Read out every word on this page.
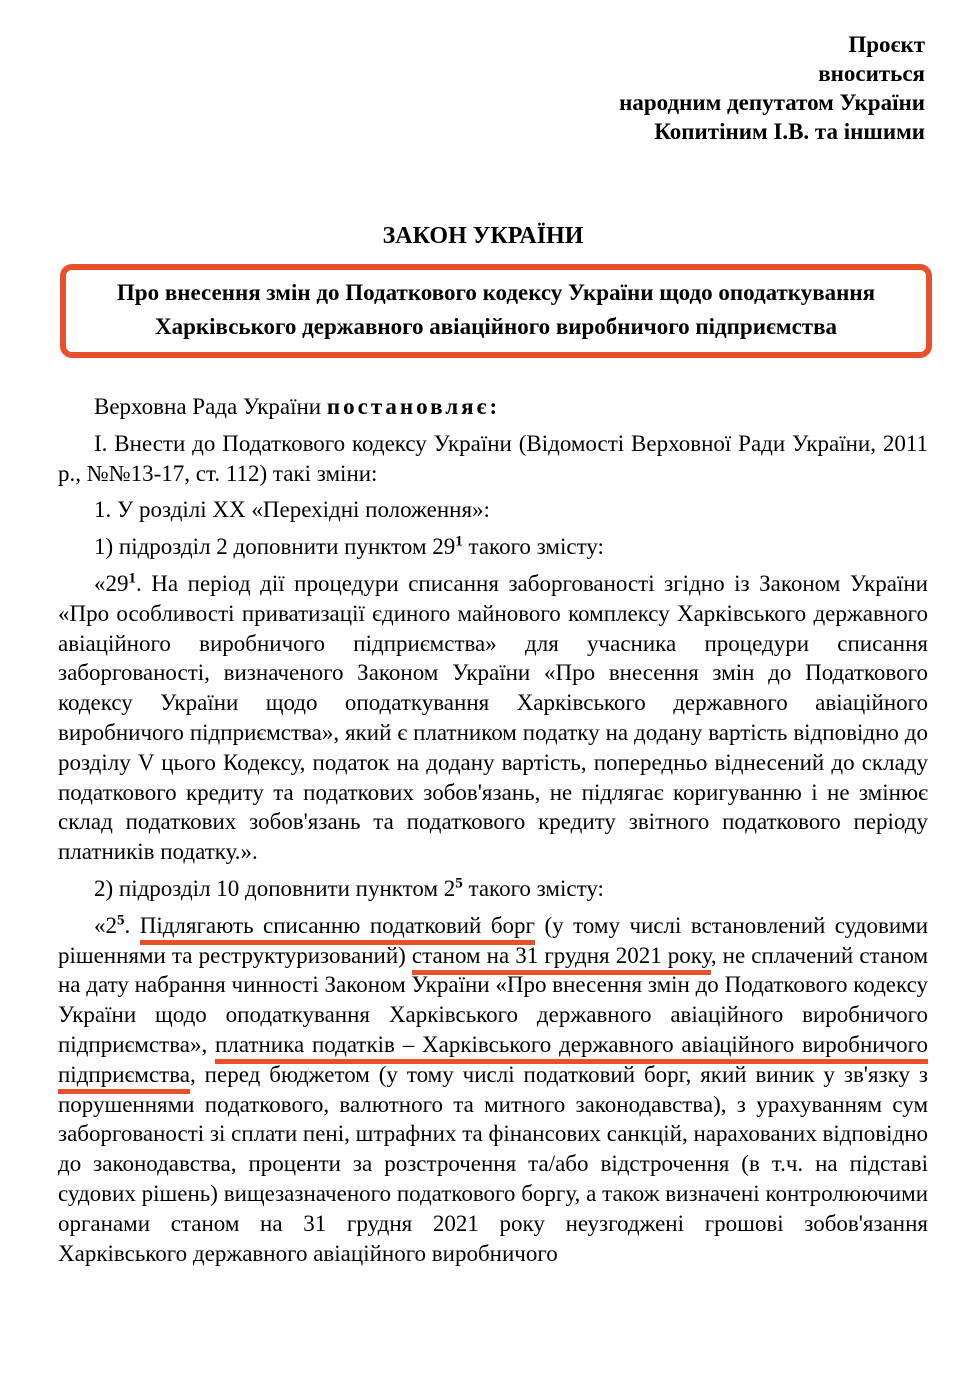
Проєкт
вноситься
народним депутатом України
Копитіним І.В. та іншими
ЗАКОН УКРАЇНИ
Про внесення змін до Податкового кодексу України щодо оподаткування Харківського державного авіаційного виробничого підприємства

Верховна Рада України постановляє:

I. Внести до Податкового кодексу України (Відомості Верховної Ради України, 2011 р., №№13-17, ст. 112) такі зміни:

1. У розділі XX «Перехідні положення»:

1) підрозділ 2 доповнити пунктом $29^1$ такого змісту:

«$29^1$. На період дії процедури списання заборгованості згідно із Законом України «Про особливості приватизації єдиного майнового комплексу Харківського державного авіаційного виробничого підприємства» для учасника процедури списання заборгованості, визначеного Законом України «Про внесення змін до Податкового кодексу України щодо оподаткування Харківського державного авіаційного виробничого підприємства», який є платником податку на додану вартість відповідно до розділу V цього Кодексу, податок на додану вартість, попередньо віднесений до складу податкового кредиту та податкових зобов'язань, не підлягає коригуванню і не змінює склад податкових зобов'язань та податкового кредиту звітного податкового періоду платників податку.».

2) підрозділ 10 доповнити пунктом $2^5$ такого змісту:

«$2^5$. Підлягають списанню податковий борг (у тому числі встановлений судовими рішеннями та реструктуризований) станом на 31 грудня 2021 року, не сплачений станом на дату набрання чинності Законом України «Про внесення змін до Податкового кодексу України щодо оподаткування Харківського державного авіаційного виробничого підприємства», платника податків – Харківського державного авіаційного виробничого підприємства, перед бюджетом (у тому числі податковий борг, який виник у зв'язку з порушеннями податкового, валютного та митного законодавства), з урахуванням сум заборгованості зі сплати пені, штрафних та фінансових санкцій, нарахованих відповідно до законодавства, проценти за розстрочення та/або відстрочення (в т.ч. на підставі судових рішень) вищезазначеного податкового боргу, а також визначені контролюючими органами станом на 31 грудня 2021 року неузгоджені грошові зобов'язання Харківського державного авіаційного виробничого
